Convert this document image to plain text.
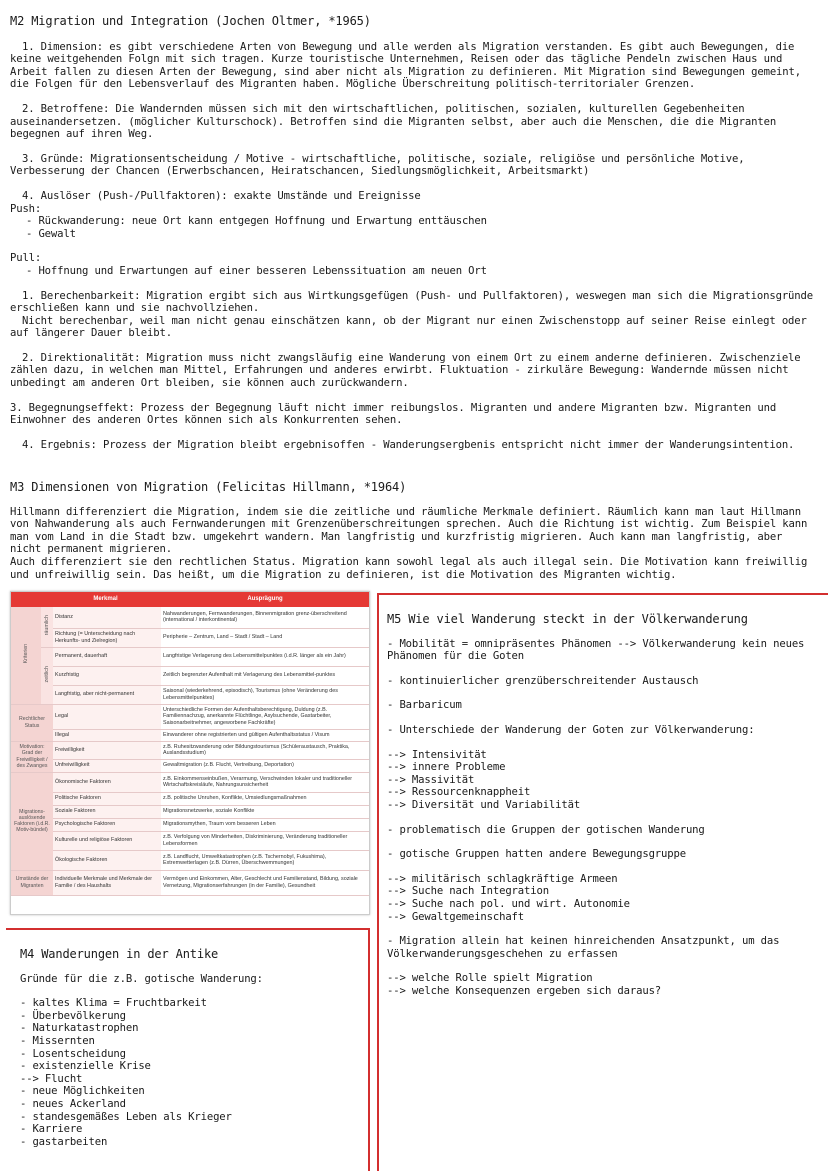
M2 Migration und Integration (Jochen Oltmer, *1965)

1. Dimension: es gibt verschiedene Arten von Bewegung und alle werden als Migration verstanden. Es gibt auch Bewegungen, die keine weitgehenden Folgn mit sich tragen. Kurze touristische Unternehmen, Reisen oder das tägliche Pendeln zwischen Haus und Arbeit fallen zu diesen Arten der Bewegung, sind aber nicht als Migration zu definieren. Mit Migration sind Bewegungen gemeint, die Folgen für den Lebensverlauf des Migranten haben. Mögliche Überschreitung politisch-territorialer Grenzen.

2. Betroffene: Die Wandernden müssen sich mit den wirtschaftlichen, politischen, sozialen, kulturellen Gegebenheiten auseinandersetzen. (möglicher Kulturschock). Betroffen sind die Migranten selbst, aber auch die Menschen, die die Migranten begegnen auf ihren Weg.

3. Gründe: Migrationsentscheidung / Motive - wirtschaftliche, politische, soziale, religiöse und persönliche Motive, Verbesserung der Chancen (Erwerbschancen, Heiratschancen, Siedlungsmöglichkeit, Arbeitsmarkt)

4. Auslöser (Push-/Pullfaktoren): exakte Umstände und Ereignisse

Push:

- Rückwanderung: neue Ort kann entgegen Hoffnung und Erwartung enttäuschen

- Gewalt

Pull:

- Hoffnung und Erwartungen auf einer besseren Lebenssituation am neuen Ort

1. Berechenbarkeit: Migration ergibt sich aus Wirtkungsgefügen (Push- und Pullfaktoren), weswegen man sich die Migrationsgründe erschließen kann und sie nachvollziehen.

Nicht berechenbar, weil man nicht genau einschätzen kann, ob der Migrant nur einen Zwischenstopp auf seiner Reise einlegt oder auf längerer Dauer bleibt.

2. Direktionalität: Migration muss nicht zwangsläufig eine Wanderung von einem Ort zu einem anderne definieren. Zwischenziele zählen dazu, in welchen man Mittel, Erfahrungen und anderes erwirbt. Fluktuation - zirkuläre Bewegung: Wandernde müssen nicht unbedingt am anderen Ort bleiben, sie können auch zurückwandern.

3. Begegnungseffekt: Prozess der Begegnung läuft nicht immer reibungslos. Migranten und andere Migranten bzw. Migranten und Einwohner des anderen Ortes können sich als Konkurrenten sehen.

4. Ergebnis: Prozess der Migration bleibt ergebnisoffen - Wanderungsergbenis entspricht nicht immer der Wanderungsintention.

M3 Dimensionen von Migration (Felicitas Hillmann, *1964)

Hillmann differenziert die Migration, indem sie die zeitliche und räumliche Merkmale definiert. Räumlich kann man laut Hillmann von Nahwanderung als auch Fernwanderungen mit Grenzenüberschreitungen sprechen. Auch die Richtung ist wichtig. Zum Beispiel kann man vom Land in die Stadt bzw. umgekehrt wandern. Man langfristig und kurzfristig migrieren. Auch kann man langfristig, aber nicht permanent migrieren.

Auch differenziert sie den rechtlichen Status. Migration kann sowohl legal als auch illegal sein. Die Motivation kann freiwillig und unfreiwillig sein. Das heißt, um die Migration zu definieren, ist die Motivation des Migranten wichtig.

Merkmal			Ausprägung
Kriterien	räumlich	Distanz	Nahwanderungen, Fernwanderungen, Binnenmigration grenz-überschreitend (international / interkontinental)
		Richtung (= Unterscheidung nach Herkunfts- und Zielregion)	Peripherie – Zentrum, Land – Stadt / Stadt – Land
	zeitlich	Permanent, dauerhaft	Langfristige Verlagerung des Lebensmittelpunktes (i.d.R. länger als ein Jahr)
		Kurzfristig	Zeitlich begrenzter Aufenthalt mit Verlagerung des Lebensmittel-punktes
		Langfristig, aber nicht-permanent	Saisonal (wiederkehrend, episodisch), Tourismus (ohne Veränderung des Lebensmittelpunktes)
Rechtlicher Status		Legal	Unterschiedliche Formen der Aufenthaltsberechtigung, Duldung (z.B. Familiennachzug, anerkannte Flüchtlinge, Asylsuchende, Gastarbeiter, Saisonarbeitnehmer, angeworbene Fachkräfte)
		Illegal	Einwanderer ohne registrierten und gültigen Aufenthaltsstatus / Visum
Motivation: Grad der Freiwilligkeit / des Zwanges		Freiwilligkeit	z.B. Ruhesitzwanderung oder Bildungstourismus (Schüleraustausch, Praktika, Auslandsstudium)
		Unfreiwilligkeit	Gewaltmigration (z.B. Flucht, Vertreibung, Deportation)
Migrations-auslösende Faktoren (i.d.R. Motiv-bündel)		Ökonomische Faktoren	z.B. Einkommenseinbußen, Verarmung, Verschwinden lokaler und traditioneller Wirtschaftskreisläufe, Nahrungsunsicherheit
		Politische Faktoren	z.B. politische Unruhen, Konflikte, Umsiedlungsmaßnahmen
		Soziale Faktoren	Migrationsnetzwerke, soziale Konflikte
		Psychologische Faktoren	Migrationsmythen, Traum vom besseren Leben
		Kulturelle und religiöse Faktoren	z.B. Verfolgung von Minderheiten, Diskriminierung, Veränderung traditioneller Lebensformen
		Ökologische Faktoren	z.B. Landflucht, Umweltkatastrophen (z.B. Tschernobyl, Fukushima), Extremwetterlagen (z.B. Dürren, Überschwemmungen)
Umstände der Migranten		Individuelle Merkmale und Merkmale der Familie / des Haushalts	Vermögen und Einkommen, Alter, Geschlecht und Familienstand, Bildung, soziale Vernetzung, Migrationserfahrungen (in der Familie), Gesundheit

M5 Wie viel Wanderung steckt in der Völkerwanderung

- Mobilität = omnipräsentes Phänomen --> Völkerwanderung kein neues Phänomen für die Goten

- kontinuierlicher grenzüberschreitender Austausch

- Barbaricum

- Unterschiede der Wanderung der Goten zur Völkerwanderung:

--> Intensivität

--> innere Probleme

--> Massivität

--> Ressourcenknappheit

--> Diversität und Variabilität

- problematisch die Gruppen der gotischen Wanderung

- gotische Gruppen hatten andere Bewegungsgruppe

--> militärisch schlagkräftige Armeen

--> Suche nach Integration

--> Suche nach pol. und wirt. Autonomie

--> Gewaltgemeinschaft

- Migration allein hat keinen hinreichenden Ansatzpunkt, um das Völkerwanderungsgeschehen zu erfassen

--> welche Rolle spielt Migration

--> welche Konsequenzen ergeben sich daraus?

M4 Wanderungen in der Antike

Gründe für die z.B. gotische Wanderung:

- kaltes Klima = Fruchtbarkeit

- Überbevölkerung

- Naturkatastrophen

- Missernten

- Losentscheidung

- existenzielle Krise

--> Flucht

- neue Möglichkeiten

- neues Ackerland

- standesgemäßes Leben als Krieger

- Karriere

- gastarbeiten
